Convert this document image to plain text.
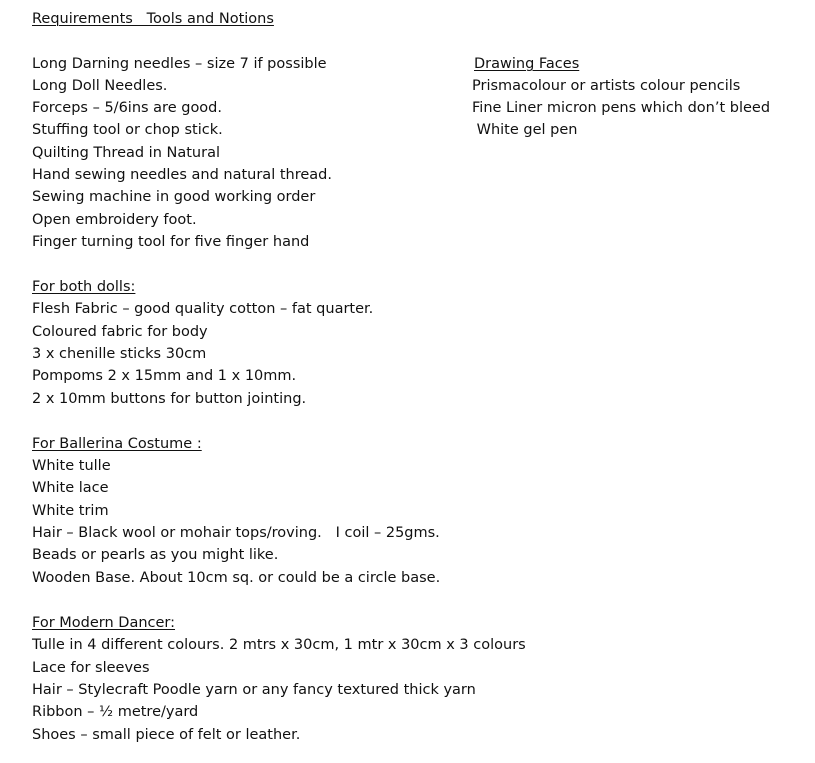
Requirements   Tools and Notions
Long Darning needles – size 7 if possible
Long Doll Needles.
Forceps – 5/6ins are good.
Stuffing tool or chop stick.
Quilting Thread in Natural
Hand sewing needles and natural thread.
Sewing machine in good working order
Open embroidery foot.
Finger turning tool for five finger hand
Drawing Faces
Prismacolour or artists colour pencils
Fine Liner micron pens which don’t bleed
White gel pen
For both dolls:
Flesh Fabric – good quality cotton – fat quarter.
Coloured fabric for body
3 x chenille sticks 30cm
Pompoms 2 x 15mm and 1 x 10mm.
2 x 10mm buttons for button jointing.
For Ballerina Costume :
White tulle
White lace
White trim
Hair – Black wool or mohair tops/roving.   I coil – 25gms.
Beads or pearls as you might like.
Wooden Base. About 10cm sq. or could be a circle base.
For Modern Dancer:
Tulle in 4 different colours. 2 mtrs x 30cm, 1 mtr x 30cm x 3 colours
Lace for sleeves
Hair – Stylecraft Poodle yarn or any fancy textured thick yarn
Ribbon – ½ metre/yard
Shoes – small piece of felt or leather.
